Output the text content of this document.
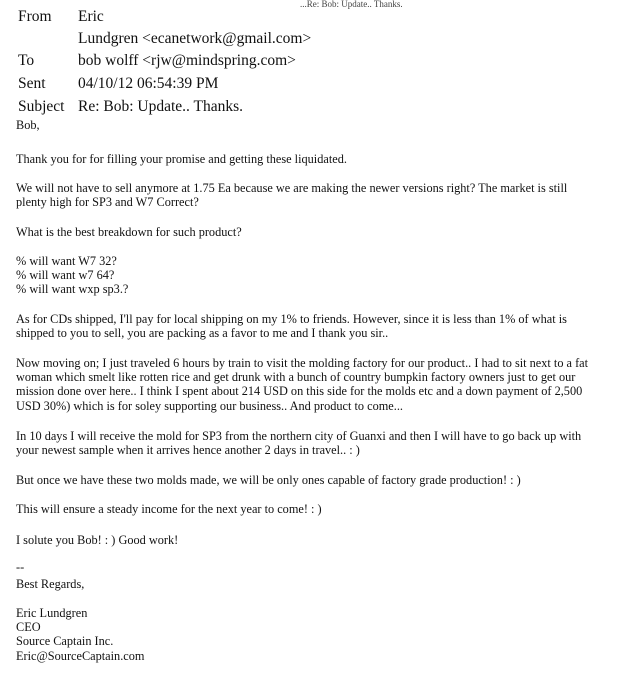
...Re: Bob: Update.. Thanks.
From Eric
Lundgren <ecanetwork@gmail.com>
To	bob wolff <rjw@mindspring.com>
Sent 04/10/12 06:54:39 PM
Subject Re: Bob: Update.. Thanks.
Bob,

Thank you for for filling your promise and getting these liquidated.

We will not have to sell anymore at 1.75 Ea because we are making the newer versions right? The market is still

plenty high for SP3 and W7 Correct?

What is the best breakdown for such product?

% will want W7 32?

% will want w7 64?

% will want wxp sp3.?

As for CDs shipped, I'll pay for local shipping on my 1% to friends. However, since it is less than 1% of what is

shipped to you to sell, you are packing as a favor to me and I thank you sir..

Now moving on; I just traveled 6 hours by train to visit the molding factory for our product.. I had to sit next to a fat

woman which smelt like rotten rice and get drunk with a bunch of country bumpkin factory owners just to get our

mission done over here.. I think I spent about 214 USD on this side for the molds etc and a down payment of 2,500

USD 30%) which is for soley supporting our business.. And product to come...

In 10 days I will receive the mold for SP3 from the northern city of Guanxi and then I will have to go back up with

your newest sample when it arrives hence another 2 days in travel.. : )

But once we have these two molds made, we will be only ones capable of factory grade production! : )

This will ensure a steady income for the next year to come! : )

I solute you Bob! : ) Good work!

--
Best Regards,

Eric Lundgren

CEO

Source Captain Inc.

Eric@SourceCaptain.com
